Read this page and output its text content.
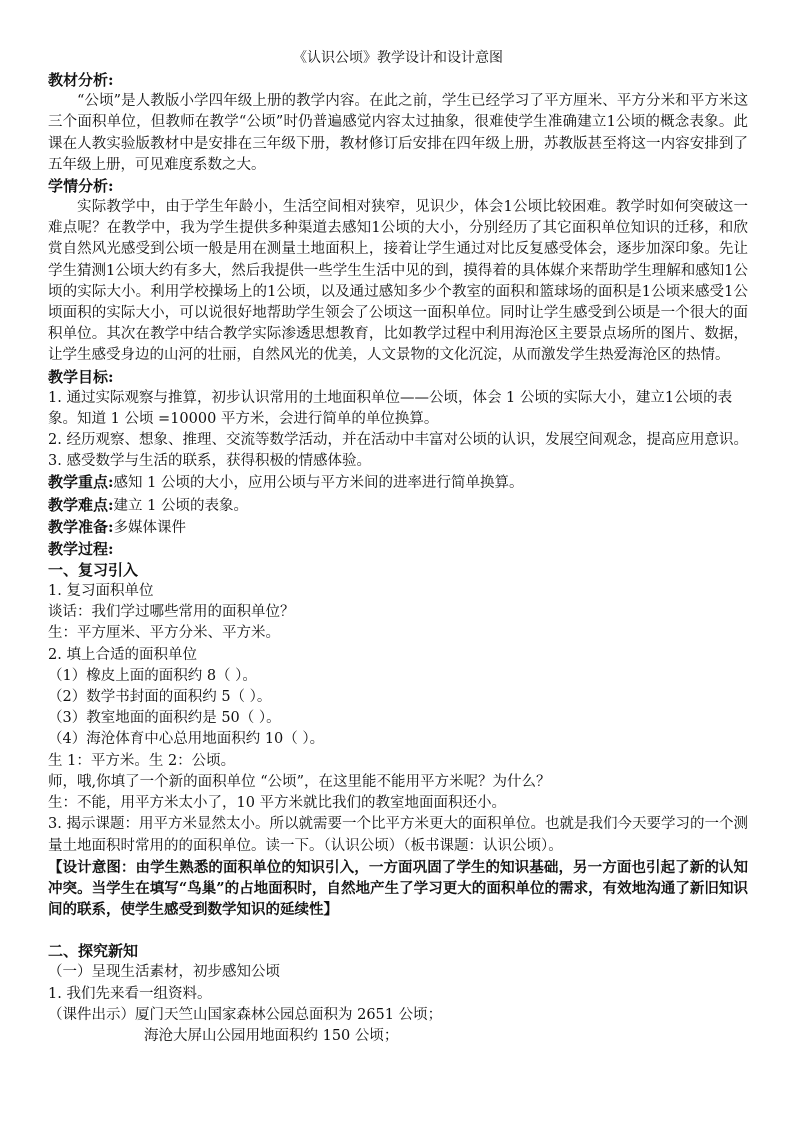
《认识公顷》教学设计和设计意图
教材分析:
“公顷”是人教版小学四年级上册的教学内容。在此之前，学生已经学习了平方厘米、平方分米和平方米这三个面积单位，但教师在教学“公顷”时仍普遍感觉内容太过抽象，很难使学生准确建立1公顷的概念表象。此课在人教实验版教材中是安排在三年级下册，教材修订后安排在四年级上册，苏教版甚至将这一内容安排到了五年级上册，可见难度系数之大。
学情分析:
实际教学中，由于学生年龄小，生活空间相对狭窄，见识少，体会1公顷比较困难。教学时如何突破这一难点呢？在教学中，我为学生提供多种渠道去感知1公顷的大小，分别经历了其它面积单位知识的迁移，和欣赏自然风光感受到公顷一般是用在测量土地面积上，接着让学生通过对比反复感受体会，逐步加深印象。先让学生猜测1公顷大约有多大，然后我提供一些学生生活中见的到，摸得着的具体媒介来帮助学生理解和感知1公顷的实际大小。利用学校操场上的1公顷，以及通过感知多少个教室的面积和篮球场的面积是1公顷来感受1公顷面积的实际大小，可以说很好地帮助学生领会了公顷这一面积单位。同时让学生感受到公顷是一个很大的面积单位。其次在教学中结合教学实际渗透思想教育，比如教学过程中利用海沧区主要景点场所的图片、数据，让学生感受身边的山河的壮丽，自然风光的优美，人文景物的文化沉淀，从而激发学生热爱海沧区的热情。
教学目标:
1. 通过实际观察与推算，初步认识常用的土地面积单位——公顷，体会 1 公顷的实际大小，建立1公顷的表象。知道 1 公顷 =10000 平方米，会进行简单的单位换算。
2. 经历观察、想象、推理、交流等数学活动，并在活动中丰富对公顷的认识，发展空间观念，提高应用意识。
3. 感受数学与生活的联系，获得积极的情感体验。
教学重点:感知 1 公顷的大小，应用公顷与平方米间的进率进行简单换算。
教学难点:建立 1 公顷的表象。
教学准备:多媒体课件
教学过程:
一、复习引入
1. 复习面积单位
谈话：我们学过哪些常用的面积单位？
生：平方厘米、平方分米、平方米。
2. 填上合适的面积单位
（1）橡皮上面的面积约 8（ ）。
（2）数学书封面的面积约 5（ ）。
（3）教室地面的面积约是 50（ ）。
（4）海沧体育中心总用地面积约 10（ ）。
生 1：平方米。生 2：公顷。
师，哦,你填了一个新的面积单位 “公顷”，在这里能不能用平方米呢？为什么？
生：不能，用平方米太小了，10 平方米就比我们的教室地面面积还小。
3. 揭示课题：用平方米显然太小。所以就需要一个比平方米更大的面积单位。也就是我们今天要学习的一个测量土地面积时常用的的面积单位。读一下。（认识公顷）（板书课题：认识公顷）。
【设计意图：由学生熟悉的面积单位的知识引入，一方面巩固了学生的知识基础，另一方面也引起了新的认知冲突。当学生在填写“鸟巢”的占地面积时，自然地产生了学习更大的面积单位的需求，有效地沟通了新旧知识间的联系，使学生感受到数学知识的延续性】
二、探究新知
（一）呈现生活素材，初步感知公顷
1. 我们先来看一组资料。
（课件出示）厦门天竺山国家森林公园总面积为 2651 公顷；
海沧大屏山公园用地面积约 150 公顷；
